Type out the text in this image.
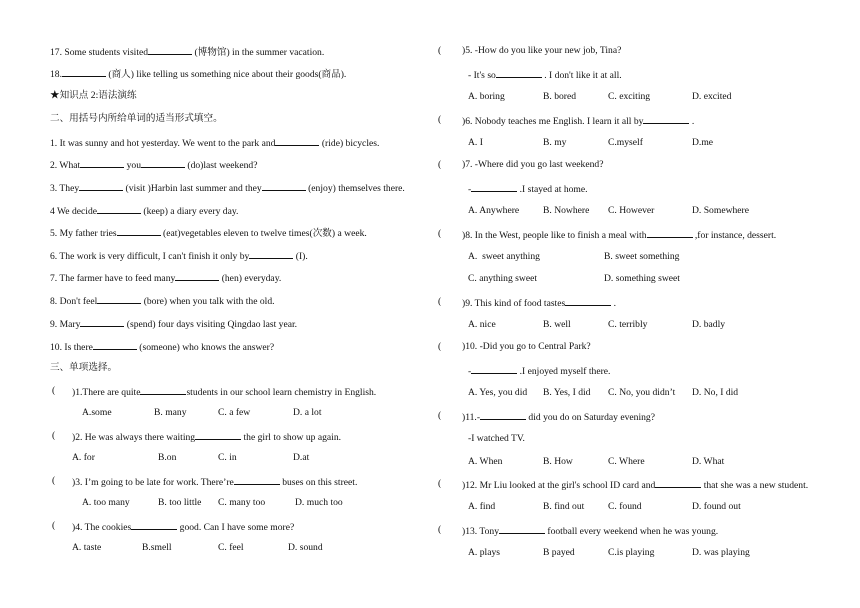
17. Some students visited	(博物馆) in the summer vacation.
18.	(商人) like telling us something nice about their goods(商品).
★知识点 2:语法演练
二、用括号内所给单词的适当形式填空。
1. It was sunny and hot yesterday. We went to the park and	(ride) bicycles.
2. What	you	(do)last weekend?
3. They	(visit )Harbin last summer and they	(enjoy) themselves there.
4 We decide	(keep) a diary every day.
5. My father tries	(eat)vegetables eleven to twelve times(次数) a week.
6. The work is very difficult, I can't finish it only by	(I).
7. The farmer have to feed many	(hen) everyday.
8. Don't feel	(bore) when you talk with the old.
9. Mary	(spend) four days visiting Qingdao last year.
10. Is there	(someone) who knows the answer?
三、单项选择。
( )1.There are quite	students in our school learn chemistry in English.
A.some	B. many	C. a few	D. a lot
( )2. He was always there waiting	the girl to show up again.
A. for	B.on	C. in	D.at
( )3. I’m going to be late for work. There’re	buses on this street.
A. too many	B. too little C. many too	D. much too
( )4. The cookies	good. Can I have some more?
A. taste	B.smell	C. feel	D. sound
( )5. -How do you like your new job, Tina?
- It's so	. I don't like it at all.
A. boring	B. bored	C. exciting	D. excited
( )6. Nobody teaches me English. I learn it all by	.
A. I	B. my	C.myself	D.me
( )7. -Where did you go last weekend?
-	.I stayed at home.
A. Anywhere B. Nowhere C. However	D. Somewhere
( )8. In the West, people like to finish a meal with	,for instance, dessert.
A.  sweet anything	B. sweet something
C. anything sweet	D. something sweet
( )9. This kind of food tastes	.
A. nice	B. well	C. terribly	D. badly
( )10. -Did you go to Central Park?
-	.I enjoyed myself there.
A. Yes, you did B. Yes, I did C. No, you didn’t D. No, I did
( )11.-	did you do on Saturday evening?
-I watched TV.
A. When	B. How	C. Where	D. What
( )12. Mr Liu looked at the girl's school ID card and	that she was a new student.
A. find	B. find out C. found	D. found out
( )13. Tony	football every weekend when he was young.
A. plays	B payed	C.is playing	D. was playing
